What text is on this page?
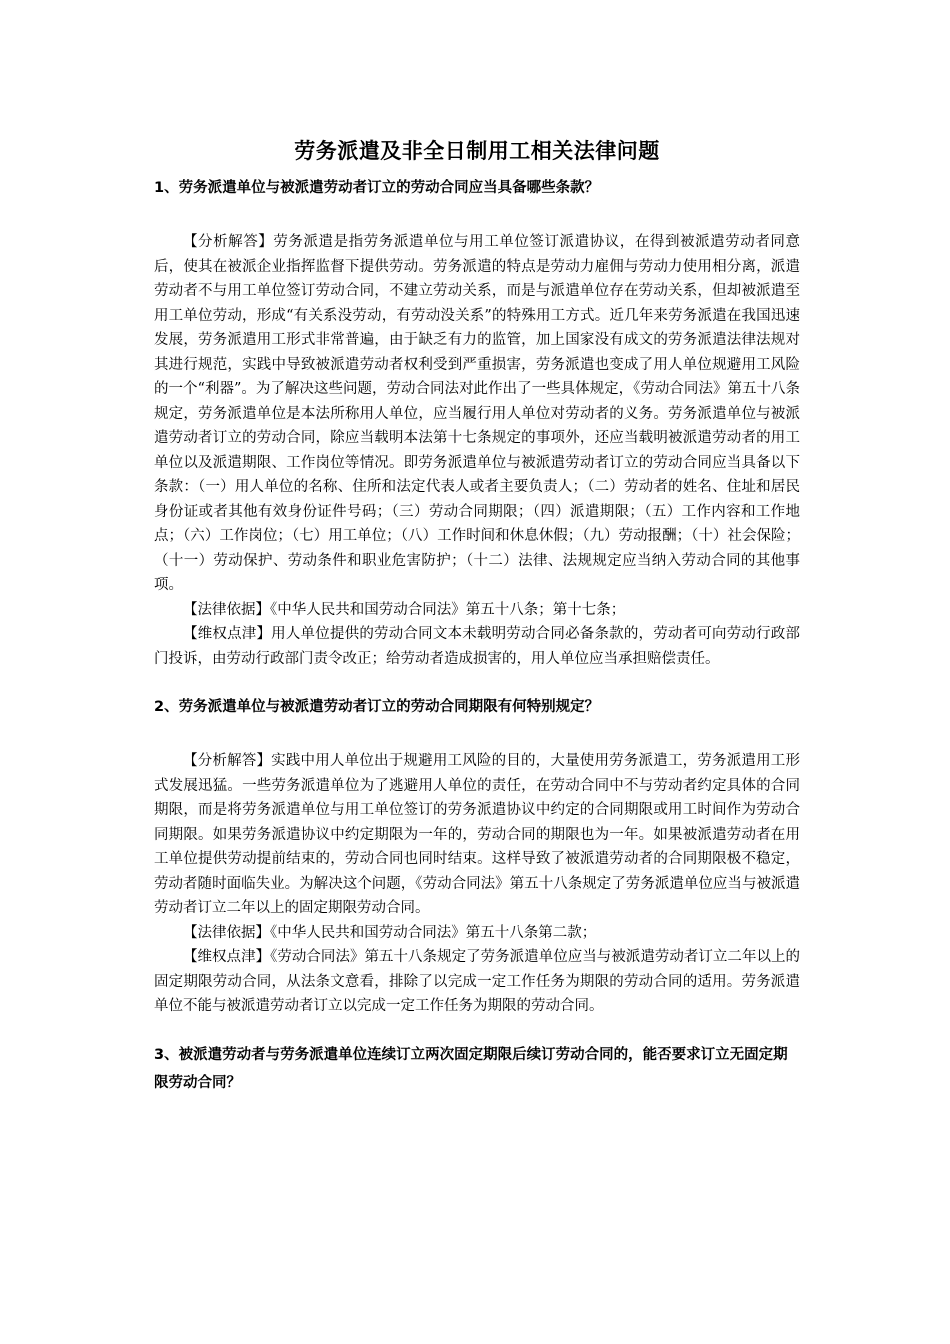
劳务派遣及非全日制用工相关法律问题

1、劳务派遣单位与被派遣劳动者订立的劳动合同应当具备哪些条款？

【分析解答】劳务派遣是指劳务派遣单位与用工单位签订派遣协议，在得到被派遣劳动者同意后，使其在被派企业指挥监督下提供劳动。劳务派遣的特点是劳动力雇佣与劳动力使用相分离，派遣劳动者不与用工单位签订劳动合同，不建立劳动关系，而是与派遣单位存在劳动关系，但却被派遣至用工单位劳动，形成“有关系没劳动，有劳动没关系”的特殊用工方式。近几年来劳务派遣在我国迅速发展，劳务派遣用工形式非常普遍，由于缺乏有力的监管，加上国家没有成文的劳务派遣法律法规对其进行规范，实践中导致被派遣劳动者权利受到严重损害，劳务派遣也变成了用人单位规避用工风险的一个“利器”。为了解决这些问题，劳动合同法对此作出了一些具体规定，《劳动合同法》第五十八条规定，劳务派遣单位是本法所称用人单位，应当履行用人单位对劳动者的义务。劳务派遣单位与被派遣劳动者订立的劳动合同，除应当载明本法第十七条规定的事项外，还应当载明被派遣劳动者的用工单位以及派遣期限、工作岗位等情况。即劳务派遣单位与被派遣劳动者订立的劳动合同应当具备以下条款：（一）用人单位的名称、住所和法定代表人或者主要负责人；（二）劳动者的姓名、住址和居民身份证或者其他有效身份证件号码；（三）劳动合同期限；（四）派遣期限；（五）工作内容和工作地点；（六）工作岗位；（七）用工单位；（八）工作时间和休息休假；（九）劳动报酬；（十）社会保险；（十一）劳动保护、劳动条件和职业危害防护；（十二）法律、法规规定应当纳入劳动合同的其他事项。

【法律依据】《中华人民共和国劳动合同法》第五十八条；第十七条；

【维权点津】用人单位提供的劳动合同文本未载明劳动合同必备条款的，劳动者可向劳动行政部门投诉，由劳动行政部门责令改正；给劳动者造成损害的，用人单位应当承担赔偿责任。

2、劳务派遣单位与被派遣劳动者订立的劳动合同期限有何特别规定？

【分析解答】实践中用人单位出于规避用工风险的目的，大量使用劳务派遣工，劳务派遣用工形式发展迅猛。一些劳务派遣单位为了逃避用人单位的责任，在劳动合同中不与劳动者约定具体的合同期限，而是将劳务派遣单位与用工单位签订的劳务派遣协议中约定的合同期限或用工时间作为劳动合同期限。如果劳务派遣协议中约定期限为一年的，劳动合同的期限也为一年。如果被派遣劳动者在用工单位提供劳动提前结束的，劳动合同也同时结束。这样导致了被派遣劳动者的合同期限极不稳定，劳动者随时面临失业。为解决这个问题，《劳动合同法》第五十八条规定了劳务派遣单位应当与被派遣劳动者订立二年以上的固定期限劳动合同。

【法律依据】《中华人民共和国劳动合同法》第五十八条第二款；

【维权点津】《劳动合同法》第五十八条规定了劳务派遣单位应当与被派遣劳动者订立二年以上的固定期限劳动合同，从法条文意看，排除了以完成一定工作任务为期限的劳动合同的适用。劳务派遣单位不能与被派遣劳动者订立以完成一定工作任务为期限的劳动合同。

3、被派遣劳动者与劳务派遣单位连续订立两次固定期限后续订劳动合同的，能否要求订立无固定期限劳动合同？
